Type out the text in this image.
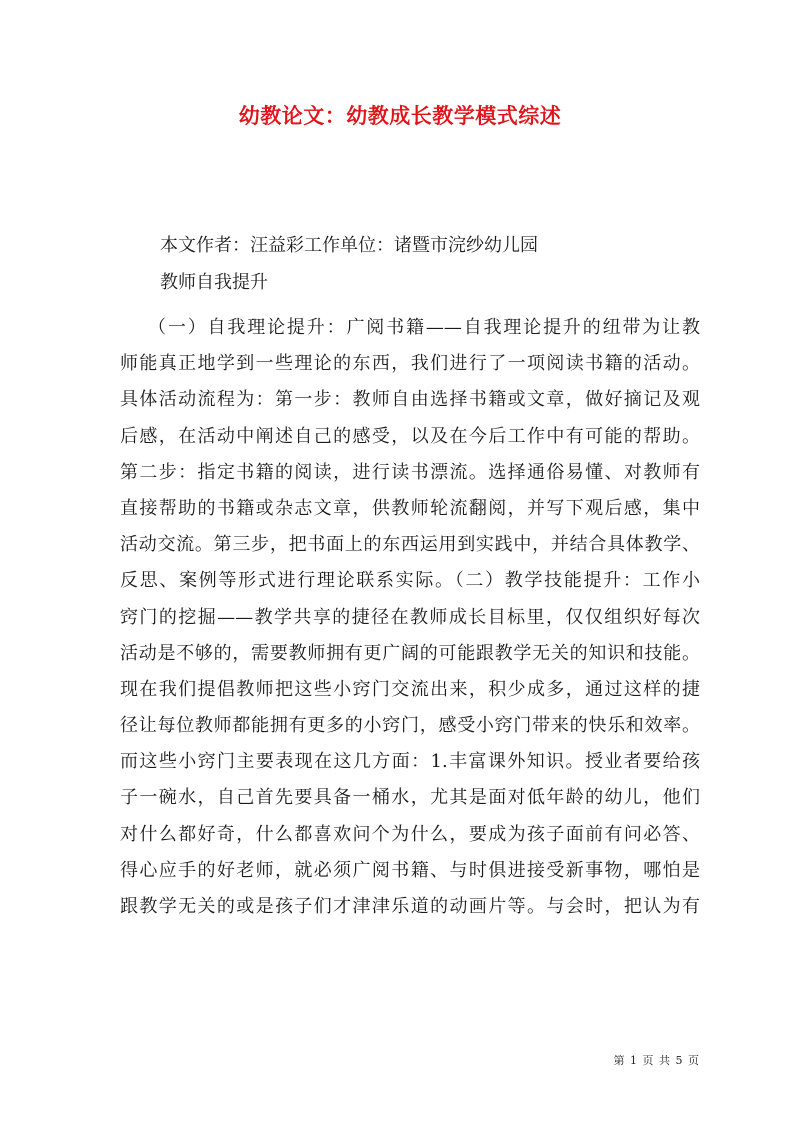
幼教论文：幼教成长教学模式综述

本文作者：汪益彩工作单位：诸暨市浣纱幼儿园

教师自我提升

（一）自我理论提升：广阅书籍——自我理论提升的纽带为让教
师能真正地学到一些理论的东西，我们进行了一项阅读书籍的活动。
具体活动流程为：第一步：教师自由选择书籍或文章，做好摘记及观
后感，在活动中阐述自己的感受，以及在今后工作中有可能的帮助。
第二步：指定书籍的阅读，进行读书漂流。选择通俗易懂、对教师有
直接帮助的书籍或杂志文章，供教师轮流翻阅，并写下观后感，集中
活动交流。第三步，把书面上的东西运用到实践中，并结合具体教学、
反思、案例等形式进行理论联系实际。（二）教学技能提升：工作小
窍门的挖掘——教学共享的捷径在教师成长目标里，仅仅组织好每次
活动是不够的，需要教师拥有更广阔的可能跟教学无关的知识和技能。
现在我们提倡教师把这些小窍门交流出来，积少成多，通过这样的捷
径让每位教师都能拥有更多的小窍门，感受小窍门带来的快乐和效率。
而这些小窍门主要表现在这几方面：1.丰富课外知识。授业者要给孩
子一碗水，自己首先要具备一桶水，尤其是面对低年龄的幼儿，他们
对什么都好奇，什么都喜欢问个为什么，要成为孩子面前有问必答、
得心应手的好老师，就必须广阅书籍、与时俱进接受新事物，哪怕是
跟教学无关的或是孩子们才津津乐道的动画片等。与会时，把认为有
第 1 页 共 5 页
